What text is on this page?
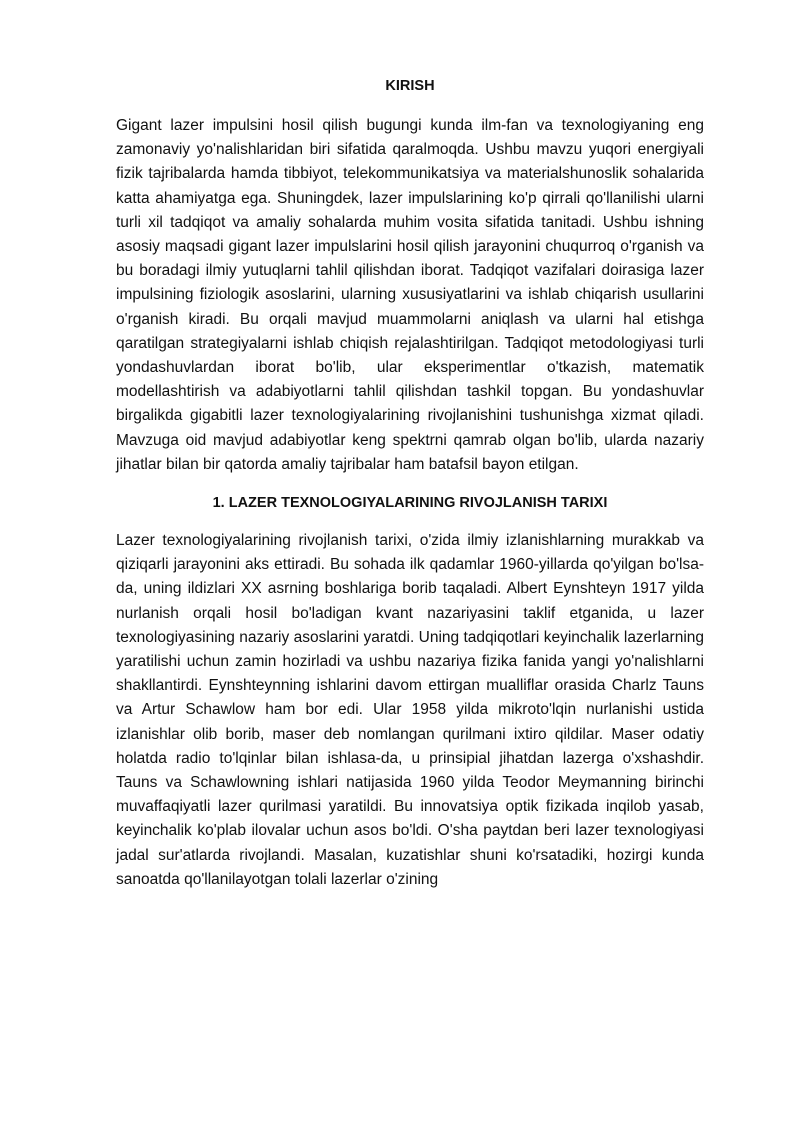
KIRISH

Gigant lazer impulsini hosil qilish bugungi kunda ilm-fan va texnologiyaning eng zamonaviy yo'nalishlaridan biri sifatida qaralmoqda. Ushbu mavzu yuqori energiyali fizik tajribalarda hamda tibbiyot, telekommunikatsiya va materialshunoslik sohalarida katta ahamiyatga ega. Shuningdek, lazer impulslarining ko'p qirrali qo'llanilishi ularni turli xil tadqiqot va amaliy sohalarda muhim vosita sifatida tanitadi. Ushbu ishning asosiy maqsadi gigant lazer impulslarini hosil qilish jarayonini chuqurroq o'rganish va bu boradagi ilmiy yutuqlarni tahlil qilishdan iborat. Tadqiqot vazifalari doirasiga lazer impulsining fiziologik asoslarini, ularning xususiyatlarini va ishlab chiqarish usullarini o'rganish kiradi. Bu orqali mavjud muammolarni aniqlash va ularni hal etishga qaratilgan strategiyalarni ishlab chiqish rejalashtirilgan. Tadqiqot metodologiyasi turli yondashuvlardan iborat bo'lib, ular eksperimentlar o'tkazish, matematik modellashtirish va adabiyotlarni tahlil qilishdan tashkil topgan. Bu yondashuvlar birgalikda gigabitli lazer texnologiyalarining rivojlanishini tushunishga xizmat qiladi. Mavzuga oid mavjud adabiyotlar keng spektrni qamrab olgan bo'lib, ularda nazariy jihatlar bilan bir qatorda amaliy tajribalar ham batafsil bayon etilgan.

1. LAZER TEXNOLOGIYALARINING RIVOJLANISH TARIXI

Lazer texnologiyalarining rivojlanish tarixi, o'zida ilmiy izlanishlarning murakkab va qiziqarli jarayonini aks ettiradi. Bu sohada ilk qadamlar 1960-yillarda qo'yilgan bo'lsa-da, uning ildizlari XX asrning boshlariga borib taqaladi. Albert Eynshteyn 1917 yilda nurlanish orqali hosil bo'ladigan kvant nazariyasini taklif etganida, u lazer texnologiyasining nazariy asoslarini yaratdi. Uning tadqiqotlari keyinchalik lazerlarning yaratilishi uchun zamin hozirladi va ushbu nazariya fizika fanida yangi yo'nalishlarni shakllantirdi. Eynshteynning ishlarini davom ettirgan mualliflar orasida Charlz Tauns va Artur Schawlow ham bor edi. Ular 1958 yilda mikroto'lqin nurlanishi ustida izlanishlar olib borib, maser deb nomlangan qurilmani ixtiro qildilar. Maser odatiy holatda radio to'lqinlar bilan ishlasa-da, u prinsipial jihatdan lazerga o'xshashdir. Tauns va Schawlowning ishlari natijasida 1960 yilda Teodor Meymanning birinchi muvaffaqiyatli lazer qurilmasi yaratildi. Bu innovatsiya optik fizikada inqilob yasab, keyinchalik ko'plab ilovalar uchun asos bo'ldi. O'sha paytdan beri lazer texnologiyasi jadal sur'atlarda rivojlandi. Masalan, kuzatishlar shuni ko'rsatadiki, hozirgi kunda sanoatda qo'llanilayotgan tolali lazerlar o'zining
